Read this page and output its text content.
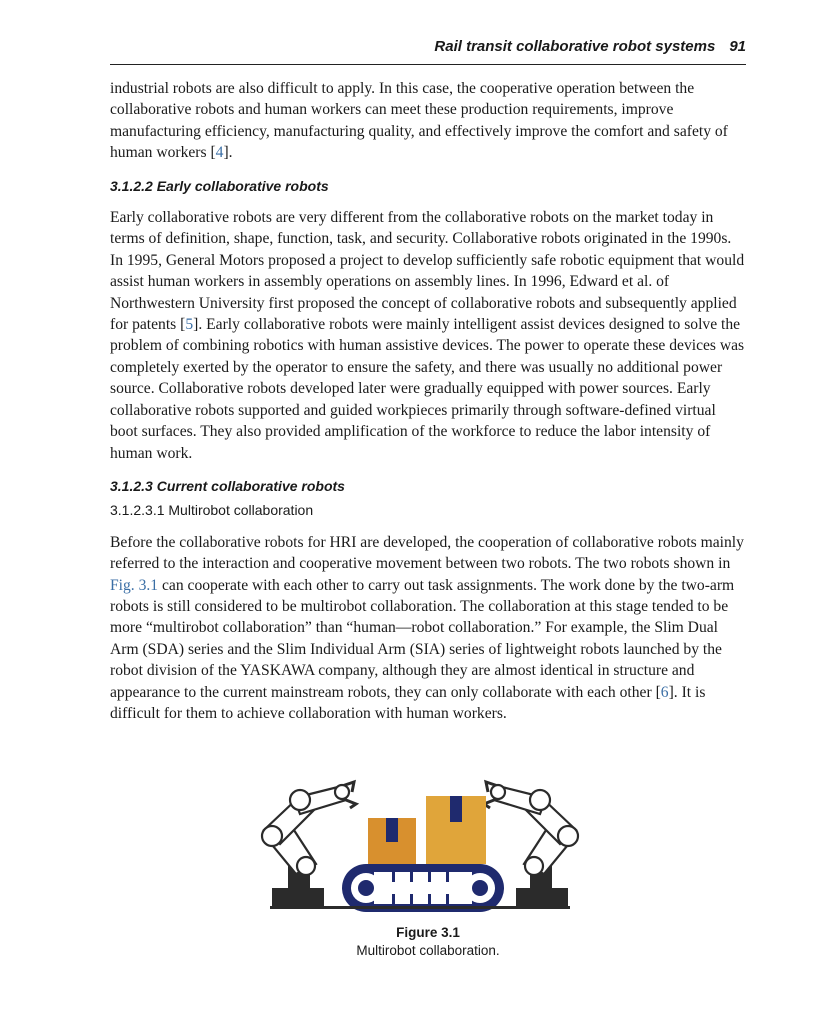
Rail transit collaborative robot systems 91

industrial robots are also difficult to apply. In this case, the cooperative operation between the collaborative robots and human workers can meet these production requirements, improve manufacturing efficiency, manufacturing quality, and effectively improve the comfort and safety of human workers [4].

3.1.2.2 Early collaborative robots

Early collaborative robots are very different from the collaborative robots on the market today in terms of definition, shape, function, task, and security. Collaborative robots originated in the 1990s. In 1995, General Motors proposed a project to develop sufficiently safe robotic equipment that would assist human workers in assembly operations on assembly lines. In 1996, Edward et al. of Northwestern University first proposed the concept of collaborative robots and subsequently applied for patents [5]. Early collaborative robots were mainly intelligent assist devices designed to solve the problem of combining robotics with human assistive devices. The power to operate these devices was completely exerted by the operator to ensure the safety, and there was usually no additional power source. Collaborative robots developed later were gradually equipped with power sources. Early collaborative robots supported and guided workpieces primarily through software-defined virtual boot surfaces. They also provided amplification of the workforce to reduce the labor intensity of human work.

3.1.2.3 Current collaborative robots
3.1.2.3.1 Multirobot collaboration

Before the collaborative robots for HRI are developed, the cooperation of collaborative robots mainly referred to the interaction and cooperative movement between two robots. The two robots shown in Fig. 3.1 can cooperate with each other to carry out task assignments. The work done by the two-arm robots is still considered to be multirobot collaboration. The collaboration at this stage tended to be more “multirobot collaboration” than “human—robot collaboration.” For example, the Slim Dual Arm (SDA) series and the Slim Individual Arm (SIA) series of lightweight robots launched by the robot division of the YASKAWA company, although they are almost identical in structure and appearance to the current mainstream robots, they can only collaborate with each other [6]. It is difficult for them to achieve collaboration with human workers.

Figure 3.1
Multirobot collaboration.
